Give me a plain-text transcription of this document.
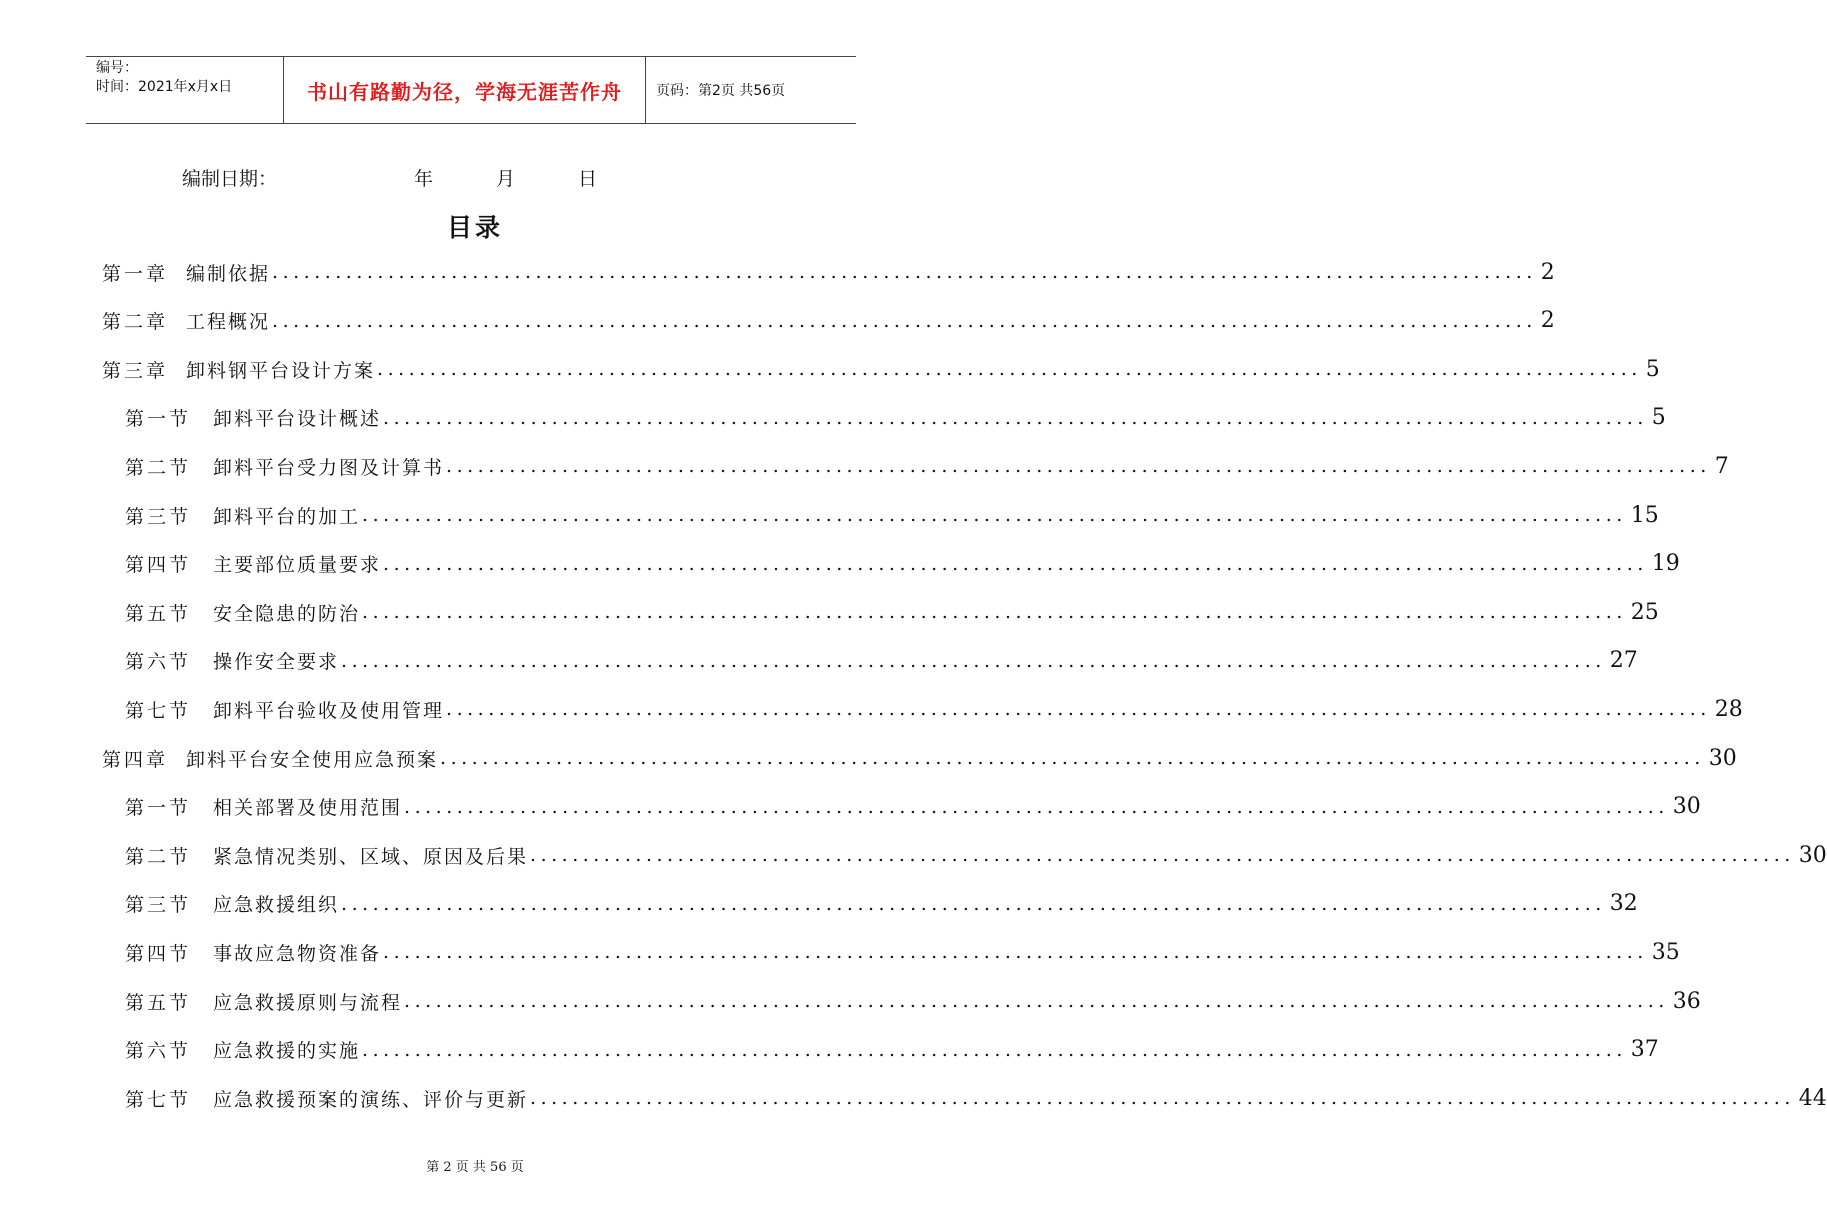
编号：
时间：2021年x月x日	书山有路勤为径，学海无涯苦作舟 页码：第2页 共56页
编制日期：	年	月	日
目录
第一章 编制依据 ........................................................................................................................ 2
第二章 工程概况 ........................................................................................................................ 2
第三章 卸料钢平台设计方案 ........................................................................................................................ 5
第一节 卸料平台设计概述 ........................................................................................................................ 5
第二节 卸料平台受力图及计算书 ........................................................................................................................ 7
第三节 卸料平台的加工 ........................................................................................................................ 15
第四节 主要部位质量要求 ........................................................................................................................ 19
第五节 安全隐患的防治 ........................................................................................................................ 25
第六节 操作安全要求 ........................................................................................................................ 27
第七节 卸料平台验收及使用管理 ........................................................................................................................ 28
第四章 卸料平台安全使用应急预案 ........................................................................................................................ 30
第一节 相关部署及使用范围 ........................................................................................................................ 30
第二节 紧急情况类别、区域、原因及后果 ........................................................................................................................ 30
第三节 应急救援组织 ........................................................................................................................ 32
第四节 事故应急物资准备 ........................................................................................................................ 35
第五节 应急救援原则与流程 ........................................................................................................................ 36
第六节 应急救援的实施 ........................................................................................................................ 37
第七节 应急救援预案的演练、评价与更新 ........................................................................................................................ 44
第 2 页 共 56 页
